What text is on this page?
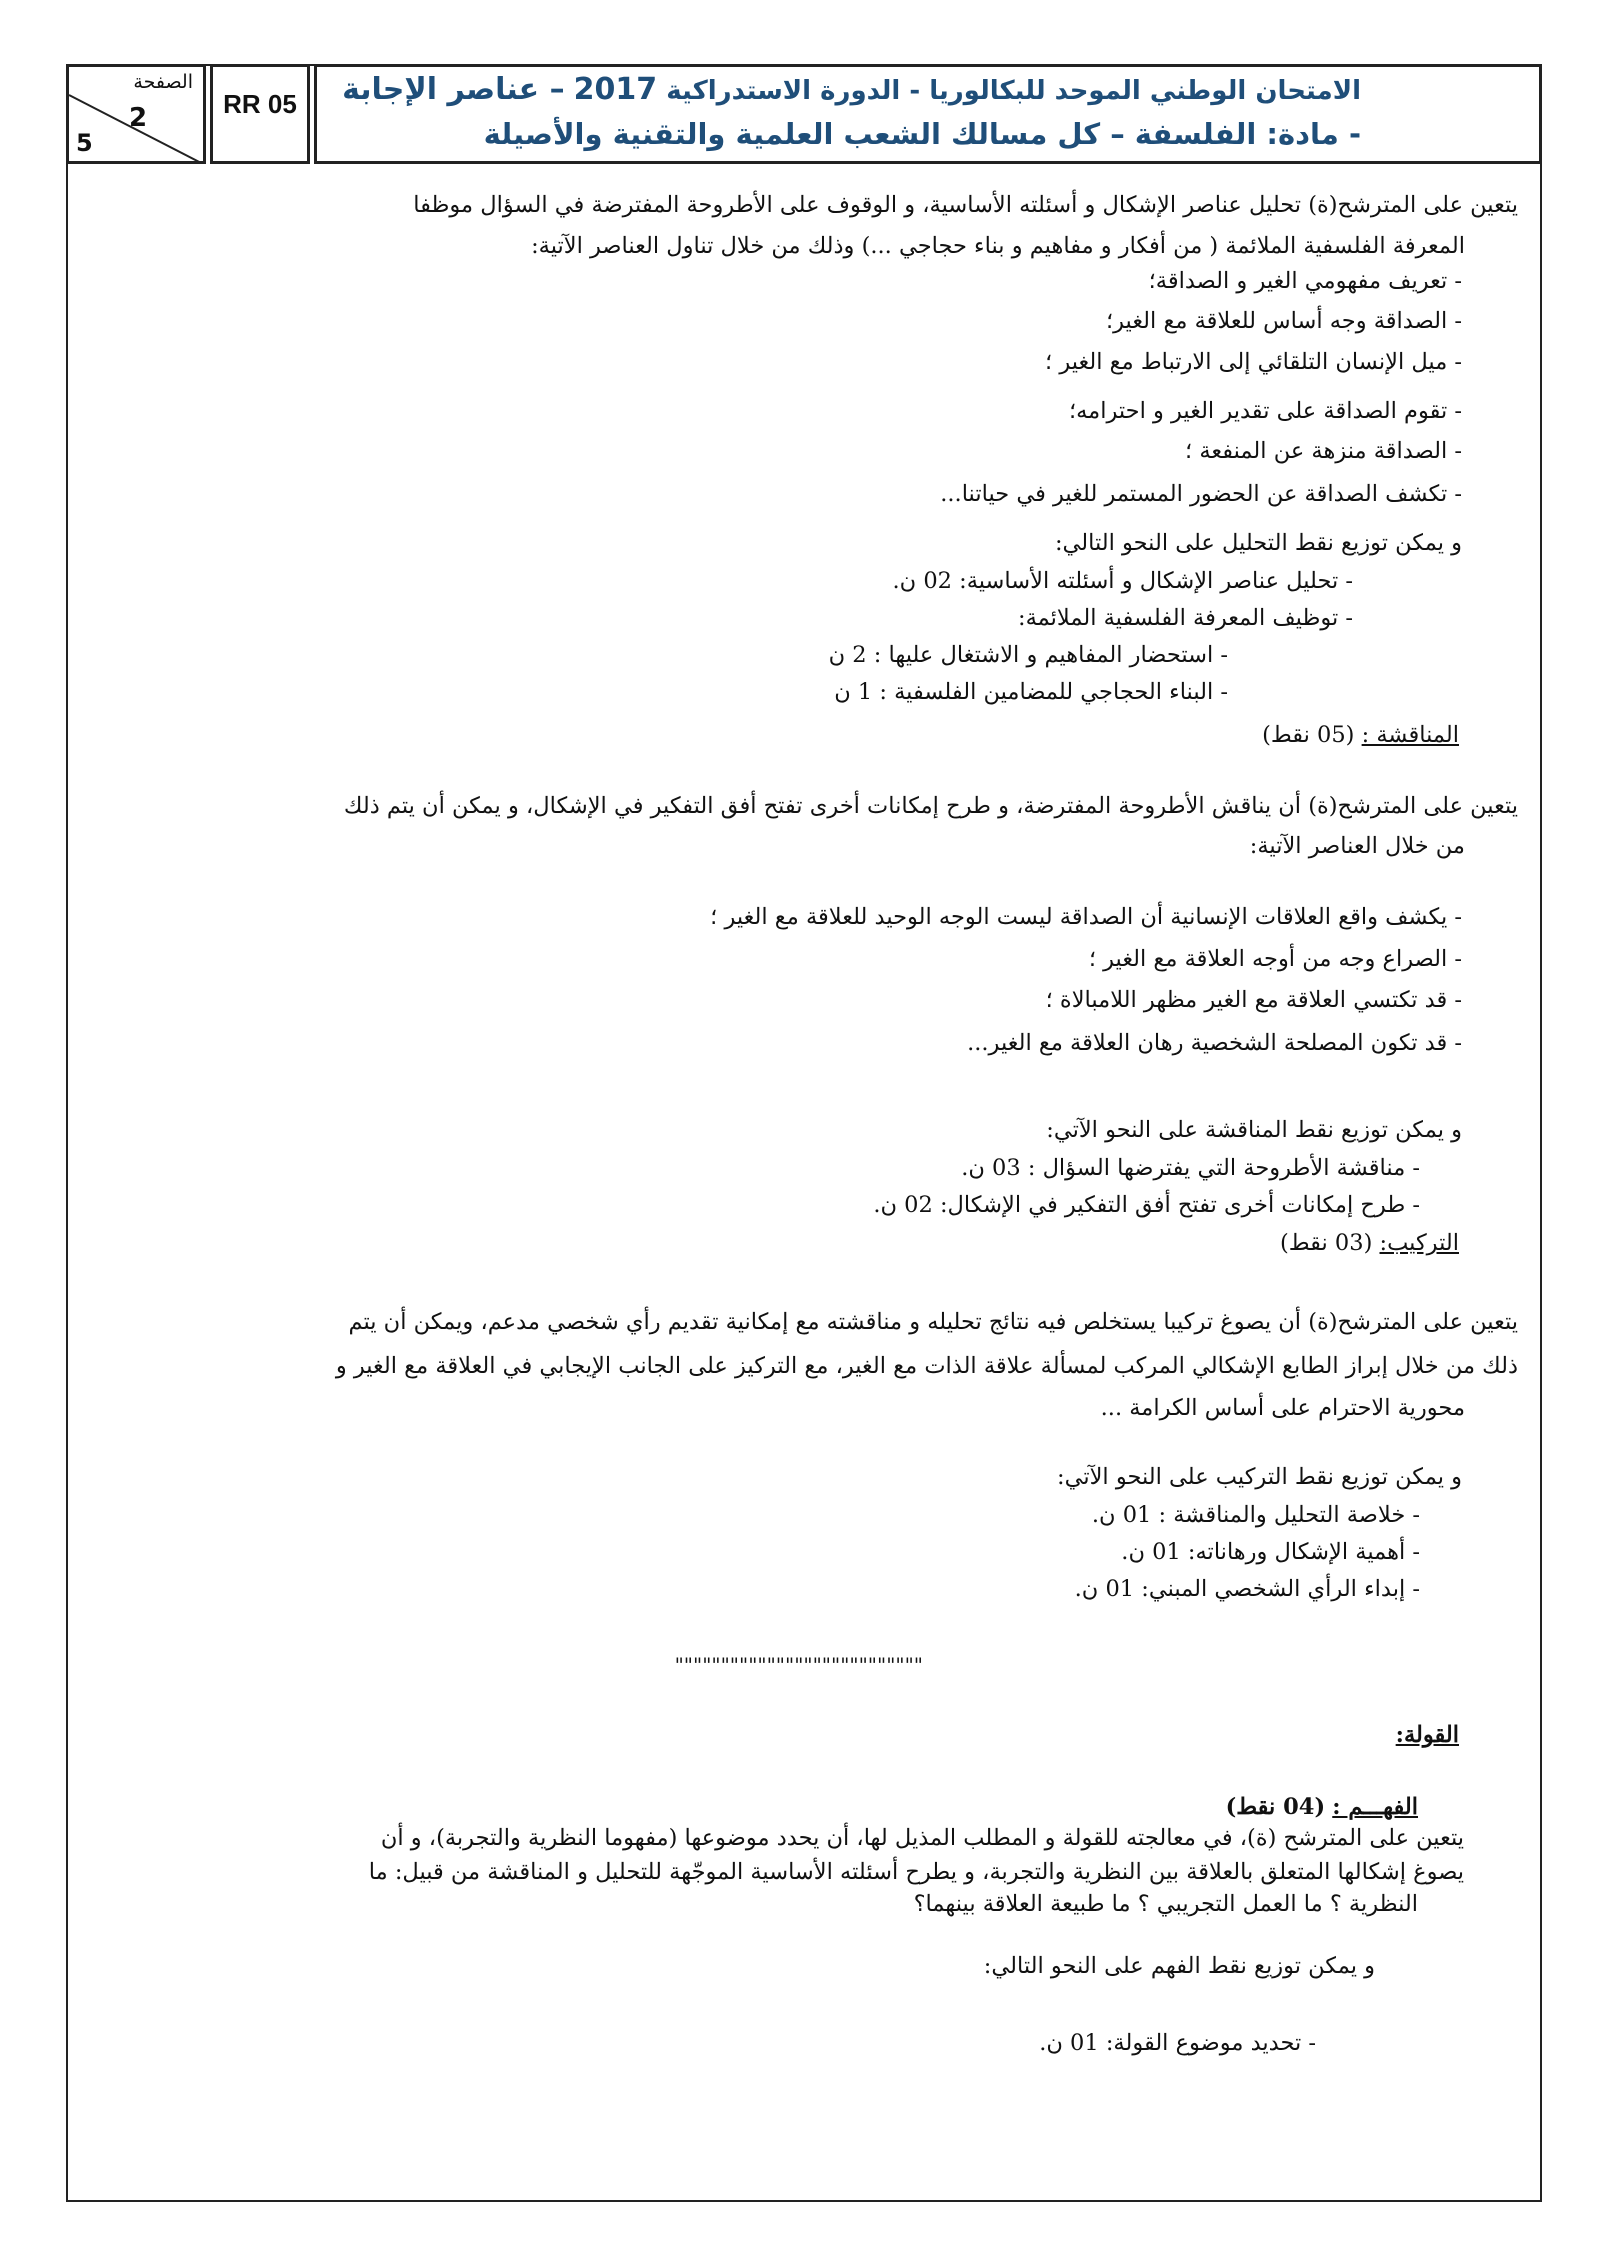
الصفحة
2
5
RR 05	الامتحان الوطني الموحد للبكالوريا - الدورة الاستدراكية 2017 – عناصر الإجابة
- مادة: الفلسفة – كل مسالك الشعب العلمية والتقنية والأصيلة
يتعين على المترشح(ة) تحليل عناصر الإشكال و أسئلته الأساسية، و الوقوف على الأطروحة المفترضة في السؤال موظفا
المعرفة الفلسفية الملائمة ( من أفكار و مفاهيم و بناء حجاجي ...) وذلك من خلال تناول العناصر الآتية:
- تعريف مفهومي الغير و الصداقة؛
- الصداقة وجه أساس للعلاقة مع الغير؛
- ميل الإنسان التلقائي إلى الارتباط مع الغير ؛
- تقوم الصداقة على تقدير الغير و احترامه؛
- الصداقة منزهة عن المنفعة ؛
- تكشف الصداقة عن الحضور المستمر للغير في حياتنا...
و يمكن توزيع نقط التحليل على النحو التالي:
- تحليل عناصر الإشكال و أسئلته الأساسية: 02 ن.
- توظيف المعرفة الفلسفية الملائمة:
- استحضار المفاهيم و الاشتغال عليها : 2 ن
- البناء الحجاجي للمضامين الفلسفية : 1 ن
المناقشة : (05 نقط)
يتعين على المترشح(ة) أن يناقش الأطروحة المفترضة، و طرح إمكانات أخرى تفتح أفق التفكير في الإشكال، و يمكن أن يتم ذلك
من خلال العناصر الآتية:
- يكشف واقع العلاقات الإنسانية أن الصداقة ليست الوجه الوحيد للعلاقة مع الغير ؛
- الصراع وجه من أوجه العلاقة مع الغير ؛
- قد تكتسي العلاقة مع الغير مظهر اللامبالاة ؛
- قد تكون المصلحة الشخصية رهان العلاقة مع الغير...
و يمكن توزيع نقط المناقشة على النحو الآتي:
- مناقشة الأطروحة التي يفترضها السؤال : 03 ن.
- طرح إمكانات أخرى تفتح أفق التفكير في الإشكال: 02 ن.
التركيب: (03 نقط)
يتعين على المترشح(ة) أن يصوغ تركيبا يستخلص فيه نتائج تحليله و مناقشته مع إمكانية تقديم رأي شخصي مدعم، ويمكن أن يتم
ذلك من خلال إبراز الطابع الإشكالي المركب لمسألة علاقة الذات مع الغير، مع التركيز على الجانب الإيجابي في العلاقة مع الغير و
محورية الاحترام على أساس الكرامة ...
و يمكن توزيع نقط التركيب على النحو الآتي:
- خلاصة التحليل والمناقشة : 01 ن.
- أهمية الإشكال ورهاناته: 01 ن.
- إبداء الرأي الشخصي المبني: 01 ن.
"""""""""""""""""""""""""""
القولة:
الفهـــم : (04 نقط)
يتعين على المترشح (ة)، في معالجته للقولة و المطلب المذيل لها، أن يحدد موضوعها (مفهوما النظرية والتجربة)، و أن
يصوغ إشكالها المتعلق بالعلاقة بين النظرية والتجربة، و يطرح أسئلته الأساسية الموجّهة للتحليل و المناقشة من قبيل: ما
النظرية ؟ ما العمل التجريبي ؟ ما طبيعة العلاقة بينهما؟
و يمكن توزيع نقط الفهم على النحو التالي:
- تحديد موضوع القولة: 01 ن.
